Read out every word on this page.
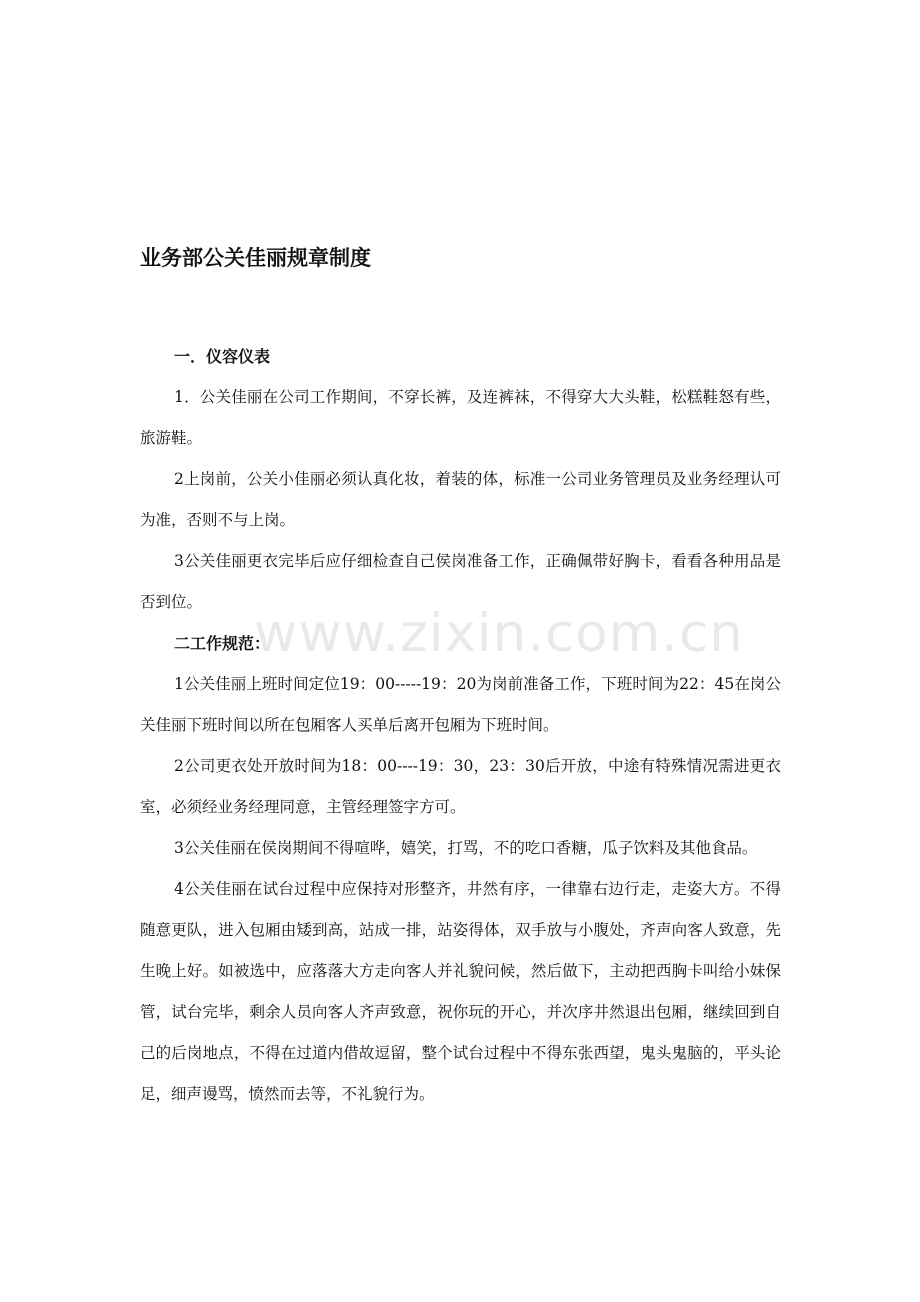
业务部公关佳丽规章制度

一．仪容仪表

1．公关佳丽在公司工作期间，不穿长裤，及连裤袜，不得穿大大头鞋，松糕鞋怒有些，旅游鞋。

2上岗前，公关小佳丽必须认真化妆，着装的体，标准一公司业务管理员及业务经理认可为准，否则不与上岗。

3公关佳丽更衣完毕后应仔细检查自己侯岗准备工作，正确佩带好胸卡，看看各种用品是否到位。

二工作规范：

1公关佳丽上班时间定位19：00-----19：20为岗前准备工作，下班时间为22：45在岗公关佳丽下班时间以所在包厢客人买单后离开包厢为下班时间。

2公司更衣处开放时间为18：00----19：30，23：30后开放，中途有特殊情况需进更衣室，必须经业务经理同意，主管经理签字方可。

3公关佳丽在侯岗期间不得喧哗，嬉笑，打骂，不的吃口香糖，瓜子饮料及其他食品。

4公关佳丽在试台过程中应保持对形整齐，井然有序，一律靠右边行走，走姿大方。不得随意更队，进入包厢由矮到高，站成一排，站姿得体，双手放与小腹处，齐声向客人致意，先生晚上好。如被选中，应落落大方走向客人并礼貌问候，然后做下，主动把西胸卡叫给小妹保管，试台完毕，剩余人员向客人齐声致意，祝你玩的开心，并次序井然退出包厢，继续回到自己的后岗地点，不得在过道内借故逗留，整个试台过程中不得东张西望，鬼头鬼脑的，平头论足，细声谩骂，愤然而去等，不礼貌行为。

www.zixin.com.cn
